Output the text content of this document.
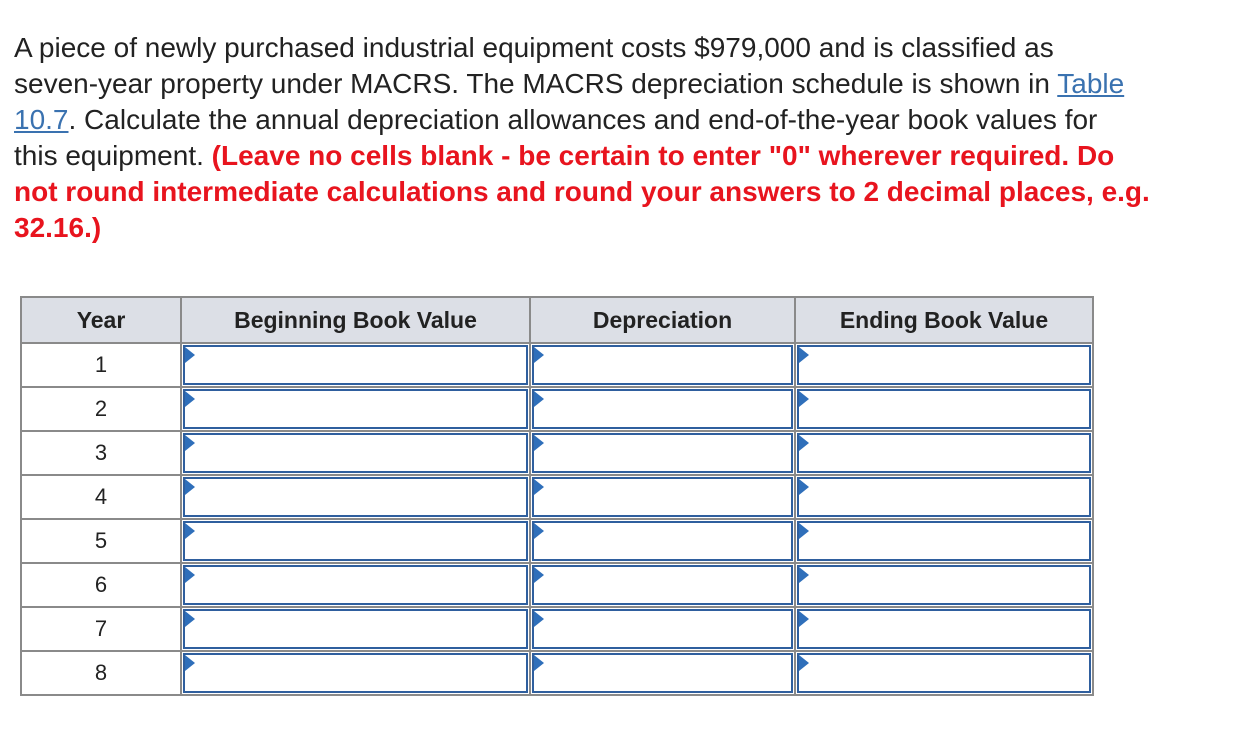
A piece of newly purchased industrial equipment costs $979,000 and is classified as
seven-year property under MACRS. The MACRS depreciation schedule is shown in Table
10.7. Calculate the annual depreciation allowances and end-of-the-year book values for
this equipment. (Leave no cells blank - be certain to enter "0" wherever required. Do
not round intermediate calculations and round your answers to 2 decimal places, e.g.
32.16.)
Year	Beginning Book Value	Depreciation	Ending Book Value
1	

2	

3	

4	

5	

6	

7	

8	
